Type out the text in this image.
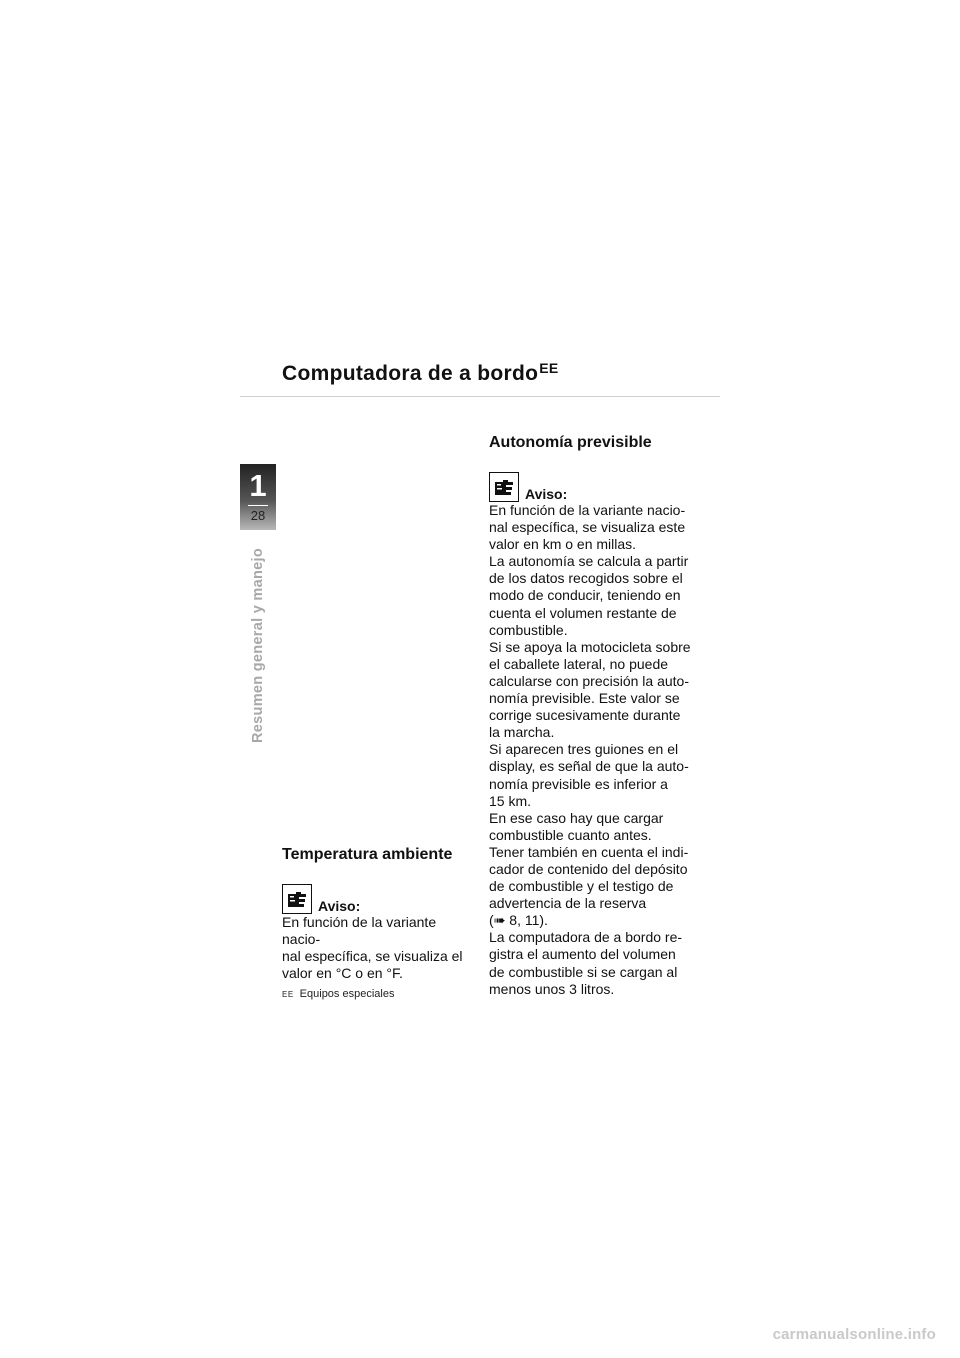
Computadora de a bordo$^{EE}$
1
28
Resumen general y manejo
Temperatura ambiente
Aviso:
En función de la variante nacio-
nal específica, se visualiza el
valor en °C o en °F.
EE Equipos especiales
Autonomía previsible
Aviso:
En función de la variante nacio-
nal específica, se visualiza este
valor en km o en millas.
La autonomía se calcula a partir
de los datos recogidos sobre el
modo de conducir, teniendo en
cuenta el volumen restante de
combustible.
Si se apoya la motocicleta sobre
el caballete lateral, no puede
calcularse con precisión la auto-
nomía previsible. Este valor se
corrige sucesivamente durante
la marcha.
Si aparecen tres guiones en el
display, es señal de que la auto-
nomía previsible es inferior a
15 km.
En ese caso hay que cargar
combustible cuanto antes.
Tener también en cuenta el indi-
cador de contenido del depósito
de combustible y el testigo de
advertencia de la reserva
(➠ 8, 11).
La computadora de a bordo re-
gistra el aumento del volumen
de combustible si se cargan al
menos unos 3 litros.
carmanualsonline.info
